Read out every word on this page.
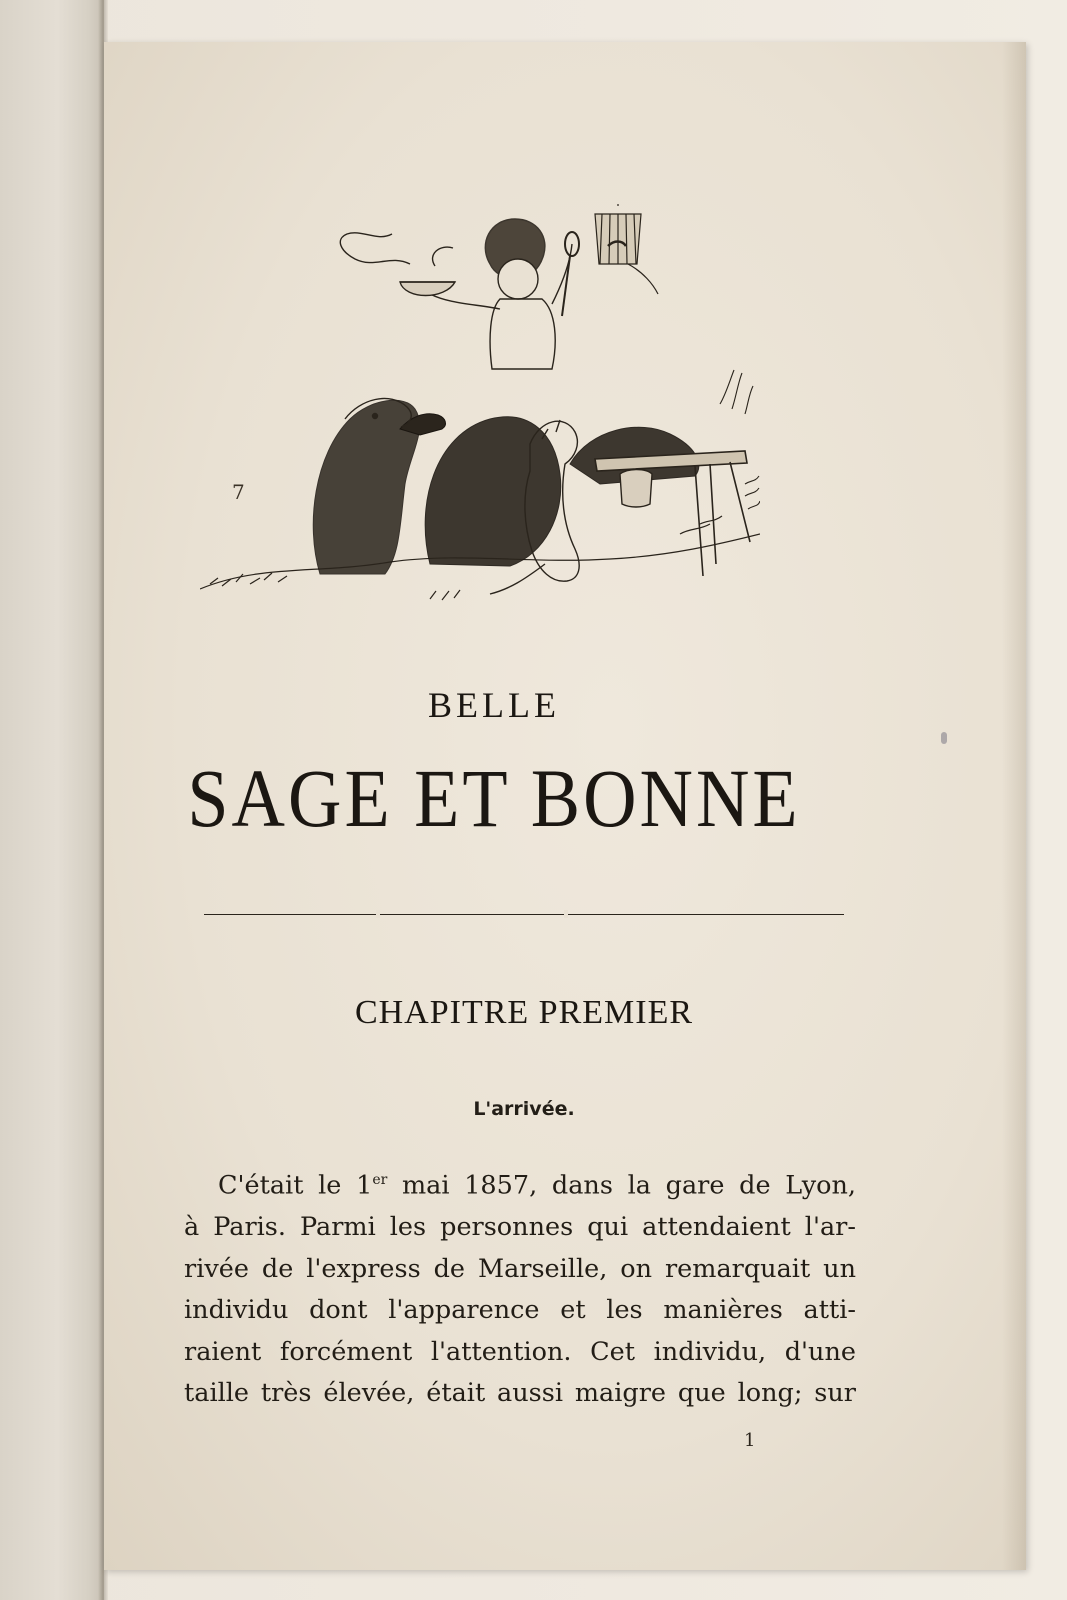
7
BELLE
SAGE ET BONNE
CHAPITRE PREMIER
L'arrivée.
C'était le 1er mai 1857, dans la gare de Lyon,
à Paris. Parmi les personnes qui attendaient l'ar-
rivée de l'express de Marseille, on remarquait un
individu dont l'apparence et les manières atti-
raient forcément l'attention. Cet individu, d'une
taille très élevée, était aussi maigre que long; sur
1
